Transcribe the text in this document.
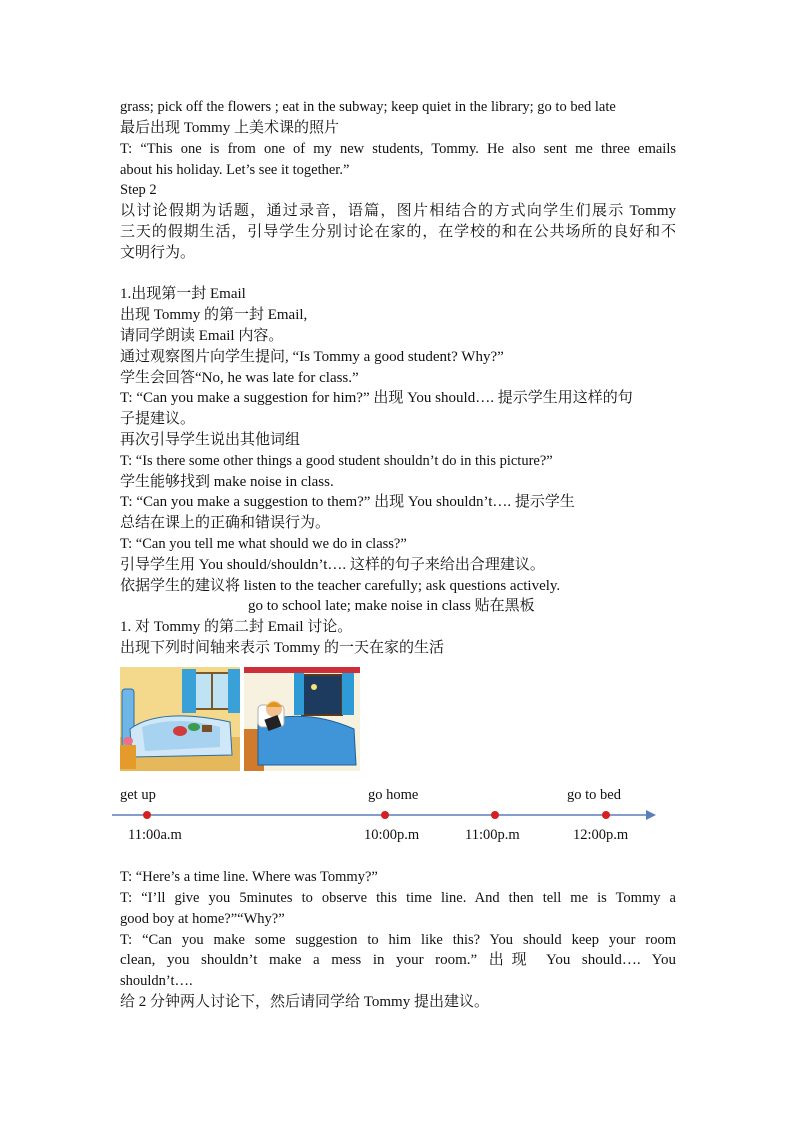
grass; pick off the flowers ; eat in the subway; keep quiet in the library; go to bed late
最后出现 Tommy 上美术课的照片
T: “This one is from one of my new students, Tommy. He also sent me three emails
about his holiday. Let’s see it together.”
Step 2
以讨论假期为话题，通过录音，语篇，图片相结合的方式向学生们展示 Tommy
三天的假期生活，引导学生分别讨论在家的，在学校的和在公共场所的良好和不
文明行为。
1.出现第一封 Email
出现 Tommy 的第一封 Email,
请同学朗读 Email 内容。
通过观察图片向学生提问, “Is Tommy a good student? Why?”
学生会回答“No, he was late for class.”
T: “Can you make a suggestion for him?” 出现 You should…. 提示学生用这样的句
子提建议。
再次引导学生说出其他词组
T: “Is there some other things a good student shouldn’t do in this picture?”
学生能够找到 make noise in class.
T: “Can you make a suggestion to them?” 出现 You shouldn’t…. 提示学生
总结在课上的正确和错误行为。
T: “Can you tell me what should we do in class?”
引导学生用 You should/shouldn’t…. 这样的句子来给出合理建议。
依据学生的建议将 listen to the teacher carefully; ask questions actively.
go to school late; make noise in class 贴在黑板
1. 对 Tommy 的第二封 Email 讨论。
出现下列时间轴来表示 Tommy 的一天在家的生活
get up	go home	go to bed
11:00a.m	10:00p.m	11:00p.m	12:00p.m
T: “Here’s a time line. Where was Tommy?”
T: “I’ll give you 5minutes to observe this time line. And then tell me is Tommy a
good boy at home?”“Why?”
T: “Can you make some suggestion to him like this? You should keep your room
clean, you shouldn’t make a mess in your room.” 出现 You should…. You
shouldn’t….
给 2 分钟两人讨论下，然后请同学给 Tommy 提出建议。
